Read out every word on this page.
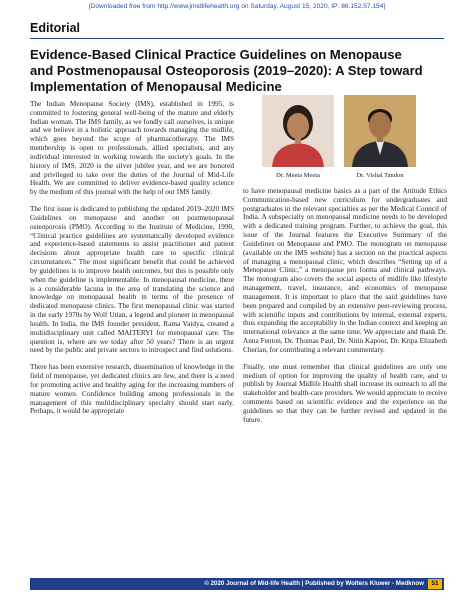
[Downloaded free from http://www.jmidlifehealth.org on Saturday, August 15, 2020, IP: 86.152.57.154]
Editorial
Evidence-Based Clinical Practice Guidelines on Menopause
and Postmenopausal Osteoporosis (2019–2020): A Step toward
Implementation of Menopausal Medicine

The Indian Menopause Society (IMS), established in 1995, is committed to fostering general well-being of the mature and elderly Indian woman. The IMS family, as we fondly call ourselves, is unique and we believe in a holistic approach towards managing the midlife, which goes beyond the scope of pharmacotherapy. The IMS membership is open to professionals, allied specialists, and any individual interested in working towards the society's goals. In the history of IMS, 2020 is the silver jubilee year, and we are honored and privileged to take over the duties of the Journal of Mid-Life Health. We are committed to deliver evidence-based quality science by the medium of this journal with the help of our IMS family.

The first issue is dedicated to publishing the updated 2019–2020 IMS Guidelines on menopause and another on postmenopausal osteoporosis (PMO). According to the Institute of Medicine, 1990, “Clinical practice guidelines are systematically developed evidence and experience-based statements to assist practitioner and patient decisions about appropriate health care to specific clinical circumstances.” The most significant benefit that could be achieved by guidelines is to improve health outcomes, but this is possible only when the guideline is implementable. In menopausal medicine, there is a considerable lacuna in the area of translating the science and knowledge on menopausal health in terms of the presence of dedicated menopause clinics. The first menopausal clinic was started in the early 1970s by Wolf Utian, a legend and pioneer in menopausal health. In India, the IMS founder president, Rama Vaidya, created a multidisciplinary unit called MAITERYI for menopausal care. The question is, where are we today after 50 years? There is an urgent need by the public and private sectors to introspect and find solutions.

There has been extensive research, dissemination of knowledge in the field of menopause, yet dedicated clinics are few, and there is a need for promoting active and healthy aging for the increasing numbers of mature women. Confidence building among professionals in the management of this multidisciplinary specialty should start early. Perhaps, it would be appropriate

Dr. Meeta Meeta	Dr. Vishal Tandon

to have menopausal medicine basics as a part of the Attitude Ethics Communication-based new curriculum for undergraduates and postgraduates in the relevant specialties as per the Medical Council of India. A subspecialty on menopausal medicine needs to be developed with a dedicated training program. Further, to achieve the goal, this issue of the Journal features the Executive Summary of the Guidelines on Menopause and PMO. The monogram on menopause (available on the IMS website) has a section on the practical aspects of managing a menopausal clinic, which describes “Setting up of a Menopause Clinic,” a menopause pro forma and clinical pathways. The monogram also covers the social aspects of midlife like lifestyle management, travel, insurance, and economics of menopause management. It is important to place that the said guidelines have been prepared and compiled by an extensive peer-reviewing process, with scientific inputs and contributions by internal, external experts, thus expanding the acceptability in the Indian context and keeping an international relevance at the same time. We appreciate and thank Dr. Anna Fenton, Dr. Thomas Paul, Dr. Nitin Kapoor, Dr. Kripa Elizabeth Cherian, for contributing a relevant commentary.

Finally, one must remember that clinical guidelines are only one medium of option for improving the quality of health care, and to publish by Journal Midlife Health shall increase its outreach to all the stakeholder and health-care providers. We would appreciate to receive comments based on scientific evidence and the experience on the guidelines so that they can be further revised and updated in the future.

© 2020 Journal of Mid-life Health | Published by Wolters Kluwer - Medknow	51
